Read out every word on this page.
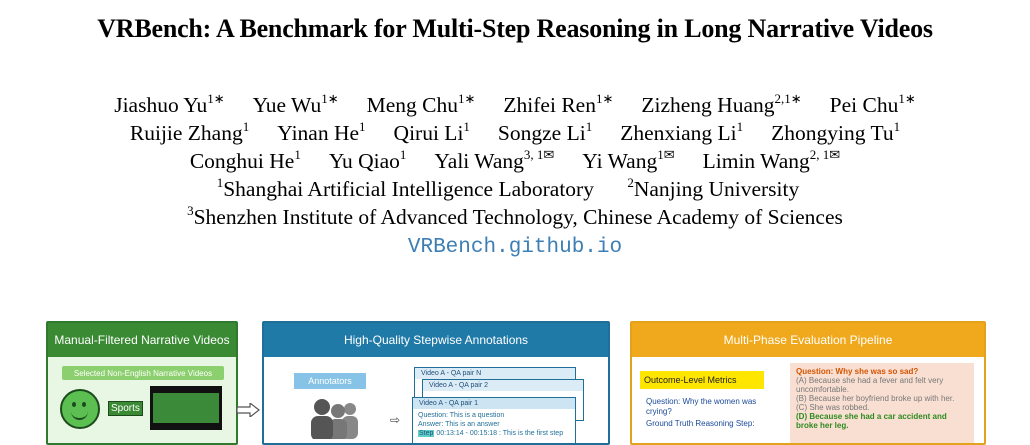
VRBench: A Benchmark for Multi-Step Reasoning in Long Narrative Videos
Jiashuo $Yu^{1∗}$ Yue $Wu^{1∗}$ Meng Chu$^{1∗}$ Zhifei Ren$^{1∗}$ Zizheng Huang$^{2,1∗}$ Pei Chu$^{1∗}$
Ruijie Zhang$^1$ Yinan He$^1$ Qirui Li$^1$ Songze Li$^1$ Zhenxiang Li$^1$ Zhongying Tu$^1$
Conghui He$^1$ Yu Qiao$^1$ Yali Wang$^{3, 1✉}$ Yi Wang$^{1✉}$ Limin Wang$^{2, 1✉}$
$^1$Shanghai Artificial Intelligence Laboratory	$^2$Nanjing University
$^3$Shenzhen Institute of Advanced Technology, Chinese Academy of Sciences
VRBench.github.io
Manual-Filtered Narrative Videos
Selected Non-English Narrative Videos
Sports
High-Quality Stepwise Annotations
Annotators
⇨
Video A - QA pair N
Video A - QA pair 2
Video A - QA pair 1
Question: This is a question
Answer: This is an answer
Step 00:13:14 - 00:15:18 : This is the first step
Multi-Phase Evaluation Pipeline
Outcome-Level Metrics
Question: Why the women was crying?
Ground Truth Reasoning Step:
Question: Why she was so sad?
(A) Because she had a fever and felt very uncomfortable.
(B) Because her boyfriend broke up with her.
(C) She was robbed.
(D) Because she had a car accident and broke her leg.
